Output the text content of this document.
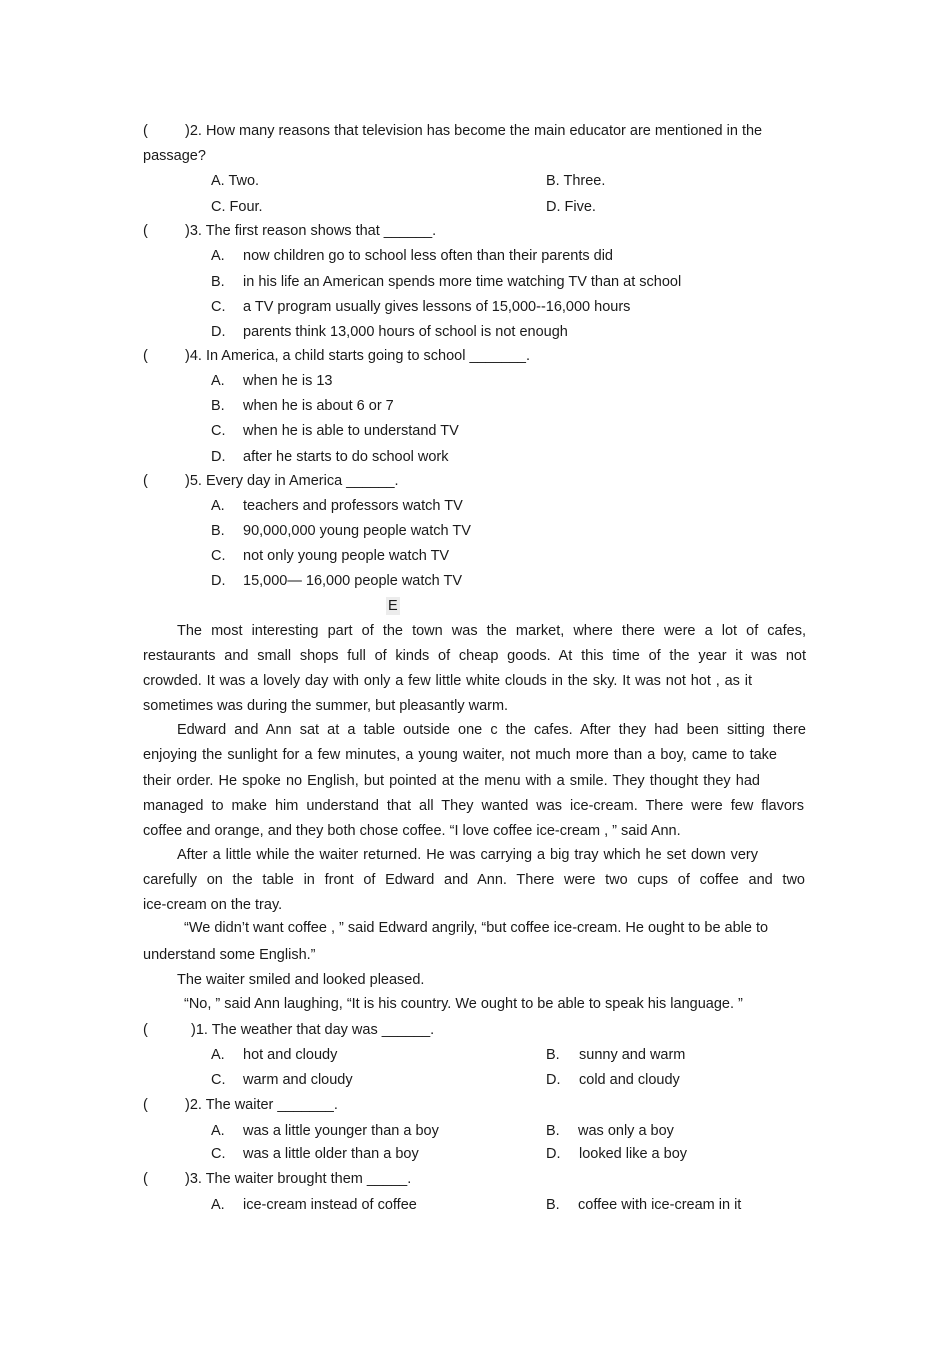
(	)2. How many reasons that television has become the main educator are mentioned in the
passage?
A. Two.	B. Three.
C. Four.	D. Five.
(	)3. The first reason shows that ______.
A. now children go to school less often than their parents did
B. in his life an American spends more time watching TV than at school
C. a TV program usually gives lessons of 15,000--16,000 hours
D. parents think 13,000 hours of school is not enough
(	)4. In America, a child starts going to school _______.
A. when he is 13
B. when he is about 6 or 7
C. when he is able to understand TV
D. after he starts to do school work
(	)5. Every day in America ______.
A. teachers and professors watch TV
B. 90,000,000 young people watch TV
C. not only young people watch TV
D. 15,000— 16,000 people watch TV
E
The most interesting part of the town was the market, where there were a lot of cafes,
restaurants and small shops full of kinds of cheap goods. At this time of the year it was not
crowded. It was a lovely day with only a few little white clouds in the sky. It was not hot , as it
sometimes was during the summer, but pleasantly warm.
Edward and Ann sat at a table outside one c the cafes. After they had been sitting there
enjoying the sunlight for a few minutes, a young waiter, not much more than a boy, came to take
their order. He spoke no English, but pointed at the menu with a smile. They thought they had
managed to make him understand that all They wanted was ice-cream. There were few flavors
coffee and orange, and they both chose coffee. “I love coffee ice-cream , ” said Ann.
After a little while the waiter returned. He was carrying a big tray which he set down very
carefully on the table in front of Edward and Ann. There were two cups of coffee and two
ice-cream on the tray.
“We didn’t want coffee , ” said Edward angrily, “but coffee ice-cream. He ought to be able to
understand some English.”
The waiter smiled and looked pleased.
“No, ” said Ann laughing, “It is his country. We ought to be able to speak his language. ”
(	)1. The weather that day was ______.
A. hot and cloudy	B. sunny and warm
C. warm and cloudy	D. cold and cloudy
(	)2. The waiter _______.
A. was a little younger than a boy	B. was only a boy
C. was a little older than a boy	D. looked like a boy
(	)3. The waiter brought them _____.
A. ice-cream instead of coffee	B. coffee with ice-cream in it
